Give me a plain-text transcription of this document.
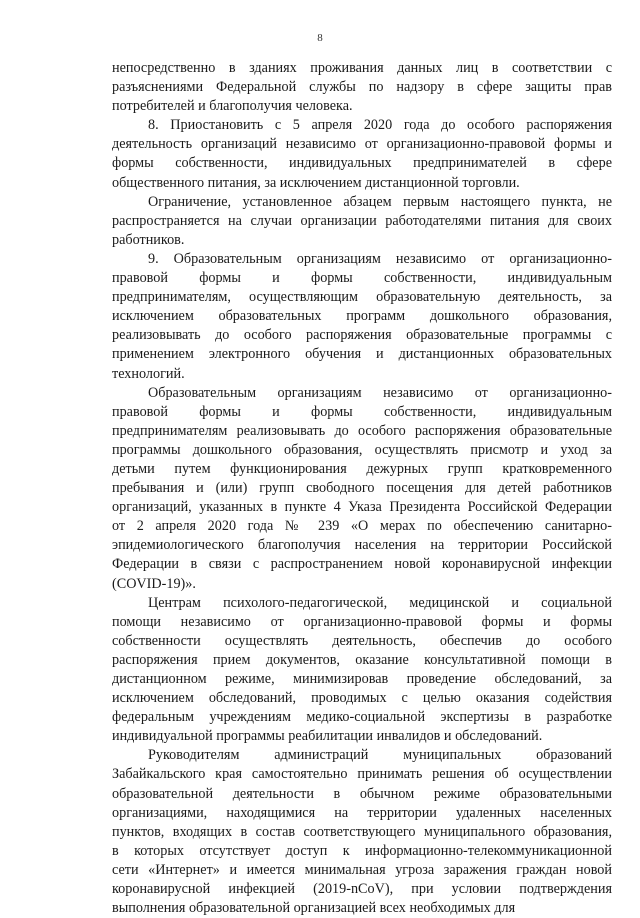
8
непосредственно в зданиях проживания данных лиц в соответствии с
разъяснениями Федеральной службы по надзору в сфере защиты прав
потребителей и благополучия человека.
8. Приостановить с 5 апреля 2020 года до особого распоряжения
деятельность организаций независимо от организационно-правовой формы и
формы собственности, индивидуальных предпринимателей в сфере
общественного питания, за исключением дистанционной торговли.
Ограничение, установленное абзацем первым настоящего пункта, не
распространяется на случаи организации работодателями питания для своих
работников.
9. Образовательным организациям независимо от организационно-
правовой формы и формы собственности, индивидуальным
предпринимателям, осуществляющим образовательную деятельность, за
исключением образовательных программ дошкольного образования,
реализовывать до особого распоряжения образовательные программы с
применением электронного обучения и дистанционных образовательных
технологий.
Образовательным организациям независимо от организационно-
правовой формы и формы собственности, индивидуальным
предпринимателям реализовывать до особого распоряжения образовательные
программы дошкольного образования, осуществлять присмотр и уход за
детьми путем функционирования дежурных групп кратковременного
пребывания и (или) групп свободного посещения для детей работников
организаций, указанных в пункте 4 Указа Президента Российской Федерации
от 2 апреля 2020 года № 239 «О мерах по обеспечению санитарно-
эпидемиологического благополучия населения на территории Российской
Федерации в связи с распространением новой коронавирусной инфекции
(COVID-19)».
Центрам психолого-педагогической, медицинской и социальной
помощи независимо от организационно-правовой формы и формы
собственности осуществлять деятельность, обеспечив до особого
распоряжения прием документов, оказание консультативной помощи в
дистанционном режиме, минимизировав проведение обследований, за
исключением обследований, проводимых с целью оказания содействия
федеральным учреждениям медико-социальной экспертизы в разработке
индивидуальной программы реабилитации инвалидов и обследований.
Руководителям администраций муниципальных образований
Забайкальского края самостоятельно принимать решения об осуществлении
образовательной деятельности в обычном режиме образовательными
организациями, находящимися на территории удаленных населенных
пунктов, входящих в состав соответствующего муниципального образования,
в которых отсутствует доступ к информационно-телекоммуникационной
сети «Интернет» и имеется минимальная угроза заражения граждан новой
коронавирусной инфекцией (2019-nCoV), при условии подтверждения
выполнения образовательной организацией всех необходимых для
